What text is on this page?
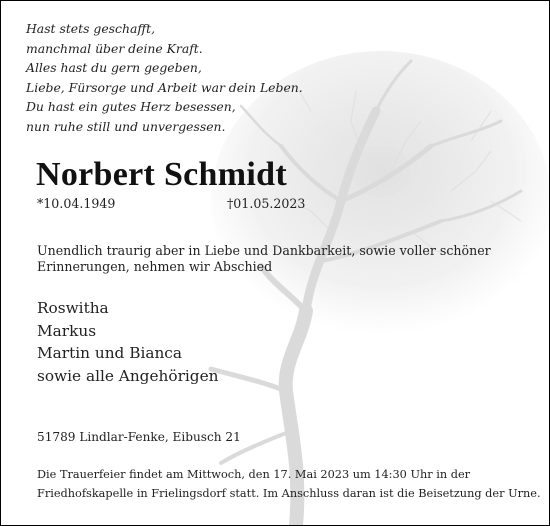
Hast stets geschafft,
manchmal über deine Kraft.
Alles hast du gern gegeben,
Liebe, Fürsorge und Arbeit war dein Leben.
Du hast ein gutes Herz besessen,
nun ruhe still und unvergessen.
Norbert Schmidt
*10.04.1949	†01.05.2023
Unendlich traurig aber in Liebe und Dankbarkeit, sowie voller schöner
Erinnerungen, nehmen wir Abschied
Roswitha
Markus
Martin und Bianca
sowie alle Angehörigen
51789 Lindlar-Fenke, Eibusch 21
Die Trauerfeier findet am Mittwoch, den 17. Mai 2023 um 14:30 Uhr in der
Friedhofskapelle in Frielingsdorf statt. Im Anschluss daran ist die Beisetzung der Urne.
